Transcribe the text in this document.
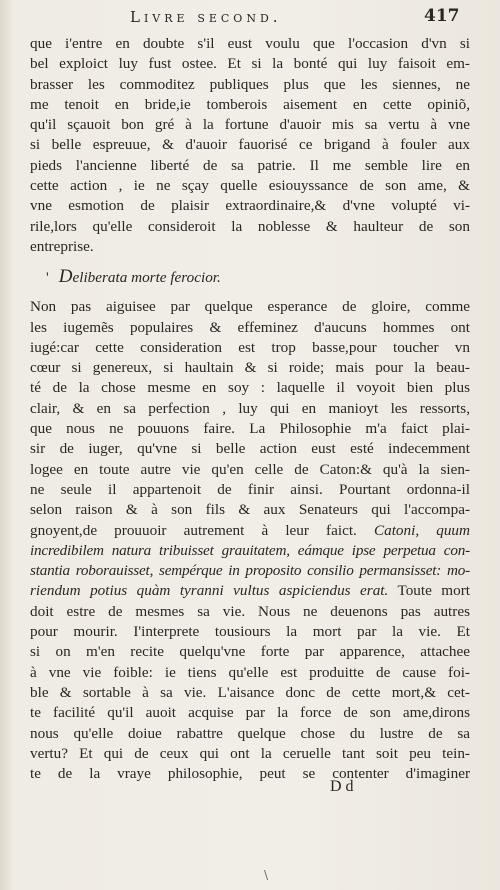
Livre second.	417
que i'entre en doubte s'il eust voulu que l'occasion d'vn si
bel exploict luy fust ostee. Et si la bonté qui luy faisoit em-
brasser les commoditez publiques plus que les siennes, ne
me tenoit en bride,ie tomberois aisement en cette opiniõ,
qu'il sçauoit bon gré à la fortune d'auoir mis sa vertu à vne
si belle espreuue, & d'auoir fauorisé ce brigand à fouler aux
pieds l'ancienne liberté de sa patrie. Il me semble lire en
cette action , ie ne sçay quelle esiouyssance de son ame, &
vne esmotion de plaisir extraordinaire,& d'vne volupté vi-
rile,lors qu'elle consideroit la noblesse & haulteur de son
entreprise.
' Deliberata morte ferocior.
Non pas aiguisee par quelque esperance de gloire, comme
les iugemẽs populaires & effeminez d'aucuns hommes ont
iugé:car cette consideration est trop basse,pour toucher vn
cœur si genereux, si haultain & si roide; mais pour la beau-
té de la chose mesme en soy : laquelle il voyoit bien plus
clair, & en sa perfection , luy qui en manioyt les ressorts,
que nous ne pouuons faire. La Philosophie m'a faict plai-
sir de iuger, qu'vne si belle action eust esté indecemment
logee en toute autre vie qu'en celle de Caton:& qu'à la sien-
ne seule il appartenoit de finir ainsi. Pourtant ordonna-il
selon raison & à son fils & aux Senateurs qui l'accompa-
gnoyent,de prouuoir autrement à leur faict. Catoni, quum
incredibilem natura tribuisset grauitatem, eámque ipse perpetua con-
stantia roborauisset, sempérque in proposito consilio permansisset: mo-
riendum potius quàm tyranni vultus aspiciendus erat. Toute mort
doit estre de mesmes sa vie. Nous ne deuenons pas autres
pour mourir. I'interprete tousiours la mort par la vie. Et
si on m'en recite quelqu'vne forte par apparence, attachee
à vne vie foible: ie tiens qu'elle est produitte de cause foi-
ble & sortable à sa vie. L'aisance donc de cette mort,& cet-
te facilité qu'il auoit acquise par la force de son ame,dirons
nous qu'elle doiue rabattre quelque chose du lustre de sa
vertu? Et qui de ceux qui ont la ceruelle tant soit peu tein-
te de la vraye philosophie, peut se contenter d'imaginer
D d
\
